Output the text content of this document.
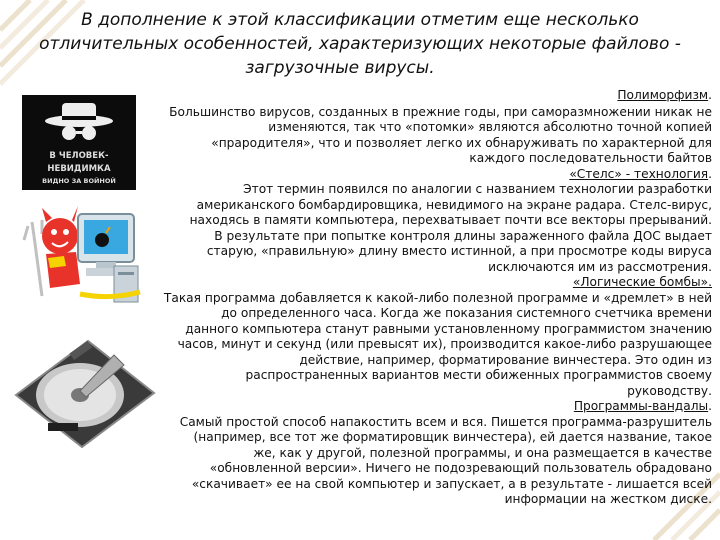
В дополнение к этой классификации отметим еще несколько
отличительных особенностей, характеризующих некоторые файлово -
загрузочные вирусы.
В ЧЕЛОВЕК-НЕВИДИМКА
ВИДНО ЗА ВОЙНОЙ
Полиморфизм.
Большинство вирусов, созданных в прежние годы, при саморазмножении никак не
изменяются, так что «потомки» являются абсолютно точной копией
«прародителя», что и позволяет легко их обнаруживать по характерной для
каждого последовательности байтов
«Стелс» - технология.
Этот термин появился по аналогии с названием технологии разработки
американского бомбардировщика, невидимого на экране радара. Стелс-вирус,
находясь в памяти компьютера, перехватывает почти все векторы прерываний.
В результате при попытке контроля длины зараженного файла ДОС выдает
старую, «правильную» длину вместо истинной, а при просмотре коды вируса
исключаются им из рассмотрения.
«Логические бомбы».
Такая программа добавляется к какой-либо полезной программе и «дремлет» в ней
до определенного часа. Когда же показания системного счетчика времени
данного компьютера станут равными установленному программистом значению
часов, минут и секунд (или превысят их), производится какое-либо разрушающее
действие, например, форматирование винчестера. Это один из
распространенных вариантов мести обиженных программистов своему
руководству.
Программы-вандалы.
Самый простой способ напакостить всем и вся. Пишется программа-разрушитель
(например, все тот же форматировщик винчестера), ей дается название, такое
же, как у другой, полезной программы, и она размещается в качестве
«обновленной версии». Ничего не подозревающий пользователь обрадовано
«скачивает» ее на свой компьютер и запускает, а в результате - лишается всей
информации на жестком диске.
